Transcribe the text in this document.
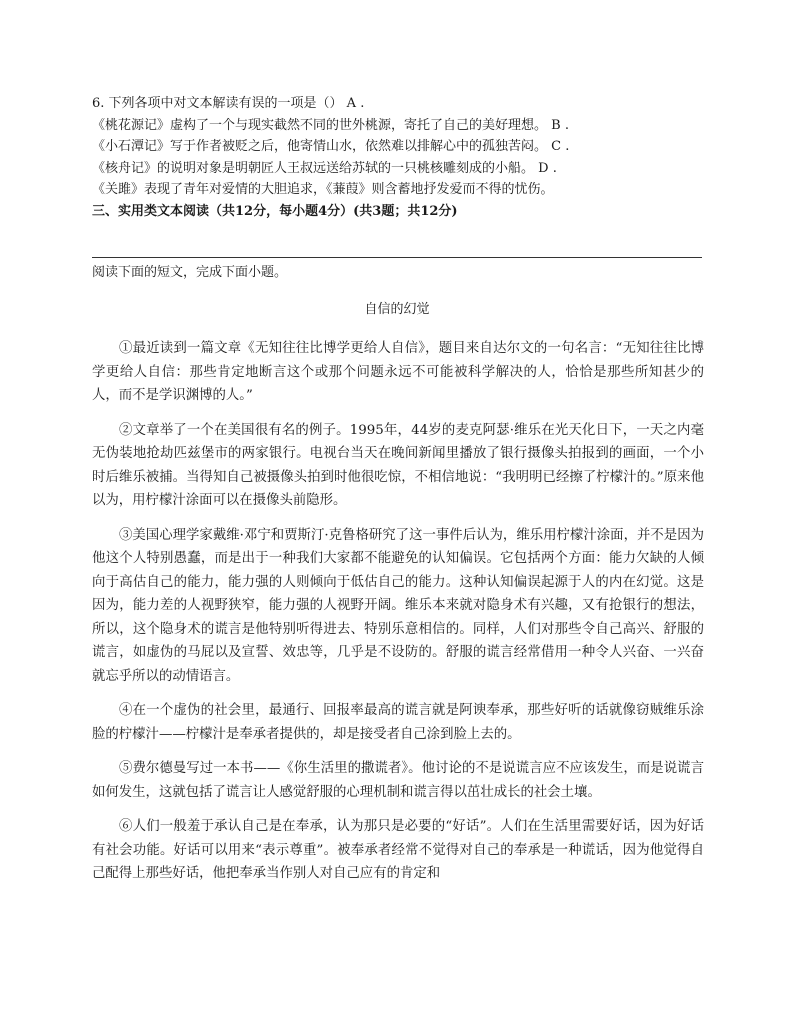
6. 下列各项中对文本解读有误的一项是（） A .

《桃花源记》虚构了一个与现实截然不同的世外桃源，寄托了自己的美好理想。 B .

《小石潭记》写于作者被贬之后，他寄情山水，依然难以排解心中的孤独苦闷。 C .

《核舟记》的说明对象是明朝匠人王叔远送给苏轼的一只桃核雕刻成的小船。 D .

《关雎》表现了青年对爱情的大胆追求，《蒹葭》则含蓄地抒发爱而不得的忧伤。

三、实用类文本阅读（共12分，每小题4分）(共3题；共12分)

阅读下面的短文，完成下面小题。

自信的幻觉

①最近读到一篇文章《无知往往比博学更给人自信》，题目来自达尔文的一句名言：“无知往往比博学更给人自信：那些肯定地断言这个或那个问题永远不可能被科学解决的人，恰恰是那些所知甚少的人，而不是学识渊博的人。”

②文章举了一个在美国很有名的例子。1995年，44岁的麦克阿瑟·维乐在光天化日下，一天之内毫无伪装地抢劫匹兹堡市的两家银行。电视台当天在晚间新闻里播放了银行摄像头拍报到的画面，一个小时后维乐被捕。当得知自己被摄像头拍到时他很吃惊，不相信地说：“我明明已经擦了柠檬汁的。”原来他以为，用柠檬汁涂面可以在摄像头前隐形。

③美国心理学家戴维·邓宁和贾斯汀·克鲁格研究了这一事件后认为，维乐用柠檬汁涂面，并不是因为他这个人特别愚蠢，而是出于一种我们大家都不能避免的认知偏误。它包括两个方面：能力欠缺的人倾向于高估自己的能力，能力强的人则倾向于低估自己的能力。这种认知偏误起源于人的内在幻觉。这是因为，能力差的人视野狭窄，能力强的人视野开阔。维乐本来就对隐身术有兴趣，又有抢银行的想法，所以，这个隐身术的谎言是他特别听得进去、特别乐意相信的。同样，人们对那些令自己高兴、舒服的谎言，如虚伪的马屁以及宣誓、效忠等，几乎是不设防的。舒服的谎言经常借用一种令人兴奋、一兴奋就忘乎所以的动情语言。

④在一个虚伪的社会里，最通行、回报率最高的谎言就是阿谀奉承，那些好听的话就像窃贼维乐涂脸的柠檬汁——柠檬汁是奉承者提供的，却是接受者自己涂到脸上去的。

⑤费尔德曼写过一本书——《你生活里的撒谎者》。他讨论的不是说谎言应不应该发生，而是说谎言如何发生，这就包括了谎言让人感觉舒服的心理机制和谎言得以茁壮成长的社会土壤。

⑥人们一般羞于承认自己是在奉承，认为那只是必要的“好话”。人们在生活里需要好话，因为好话有社会功能。好话可以用来“表示尊重”。被奉承者经常不觉得对自己的奉承是一种谎话，因为他觉得自己配得上那些好话，他把奉承当作别人对自己应有的肯定和
